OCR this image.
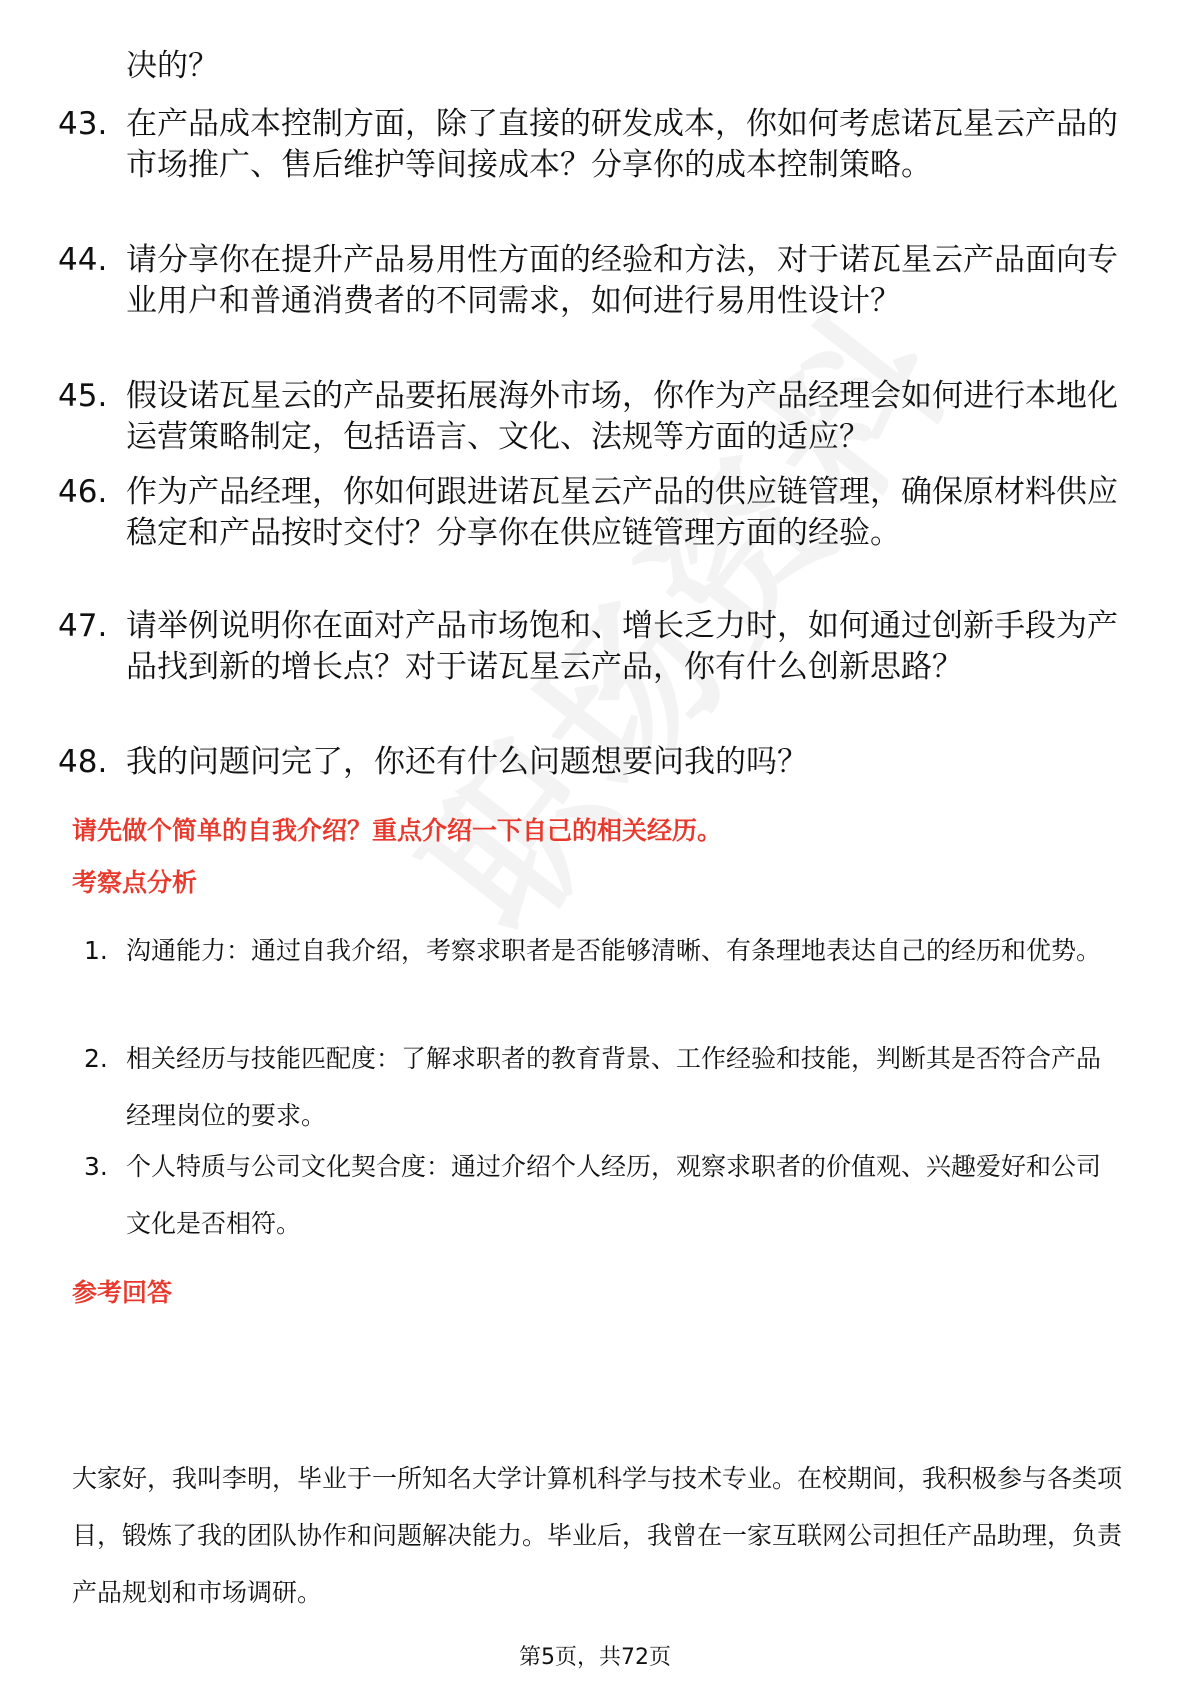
决的？
43. 在产品成本控制方面，除了直接的研发成本，你如何考虑诺瓦星云产品的市场推广、售后维护等间接成本？分享你的成本控制策略。
44. 请分享你在提升产品易用性方面的经验和方法，对于诺瓦星云产品面向专业用户和普通消费者的不同需求，如何进行易用性设计？
45. 假设诺瓦星云的产品要拓展海外市场，你作为产品经理会如何进行本地化运营策略制定，包括语言、文化、法规等方面的适应？
46. 作为产品经理，你如何跟进诺瓦星云产品的供应链管理，确保原材料供应稳定和产品按时交付？分享你在供应链管理方面的经验。
47. 请举例说明你在面对产品市场饱和、增长乏力时，如何通过创新手段为产品找到新的增长点？对于诺瓦星云产品，你有什么创新思路？
48. 我的问题问完了，你还有什么问题想要问我的吗？
请先做个简单的自我介绍？重点介绍一下自己的相关经历。
考察点分析
1. 沟通能力：通过自我介绍，考察求职者是否能够清晰、有条理地表达自己的经历和优势。
2. 相关经历与技能匹配度：了解求职者的教育背景、工作经验和技能，判断其是否符合产品经理岗位的要求。
3. 个人特质与公司文化契合度：通过介绍个人经历，观察求职者的价值观、兴趣爱好和公司文化是否相符。
参考回答
大家好，我叫李明，毕业于一所知名大学计算机科学与技术专业。在校期间，我积极参与各类项目，锻炼了我的团队协作和问题解决能力。毕业后，我曾在一家互联网公司担任产品助理，负责产品规划和市场调研。
第5页，共72页
